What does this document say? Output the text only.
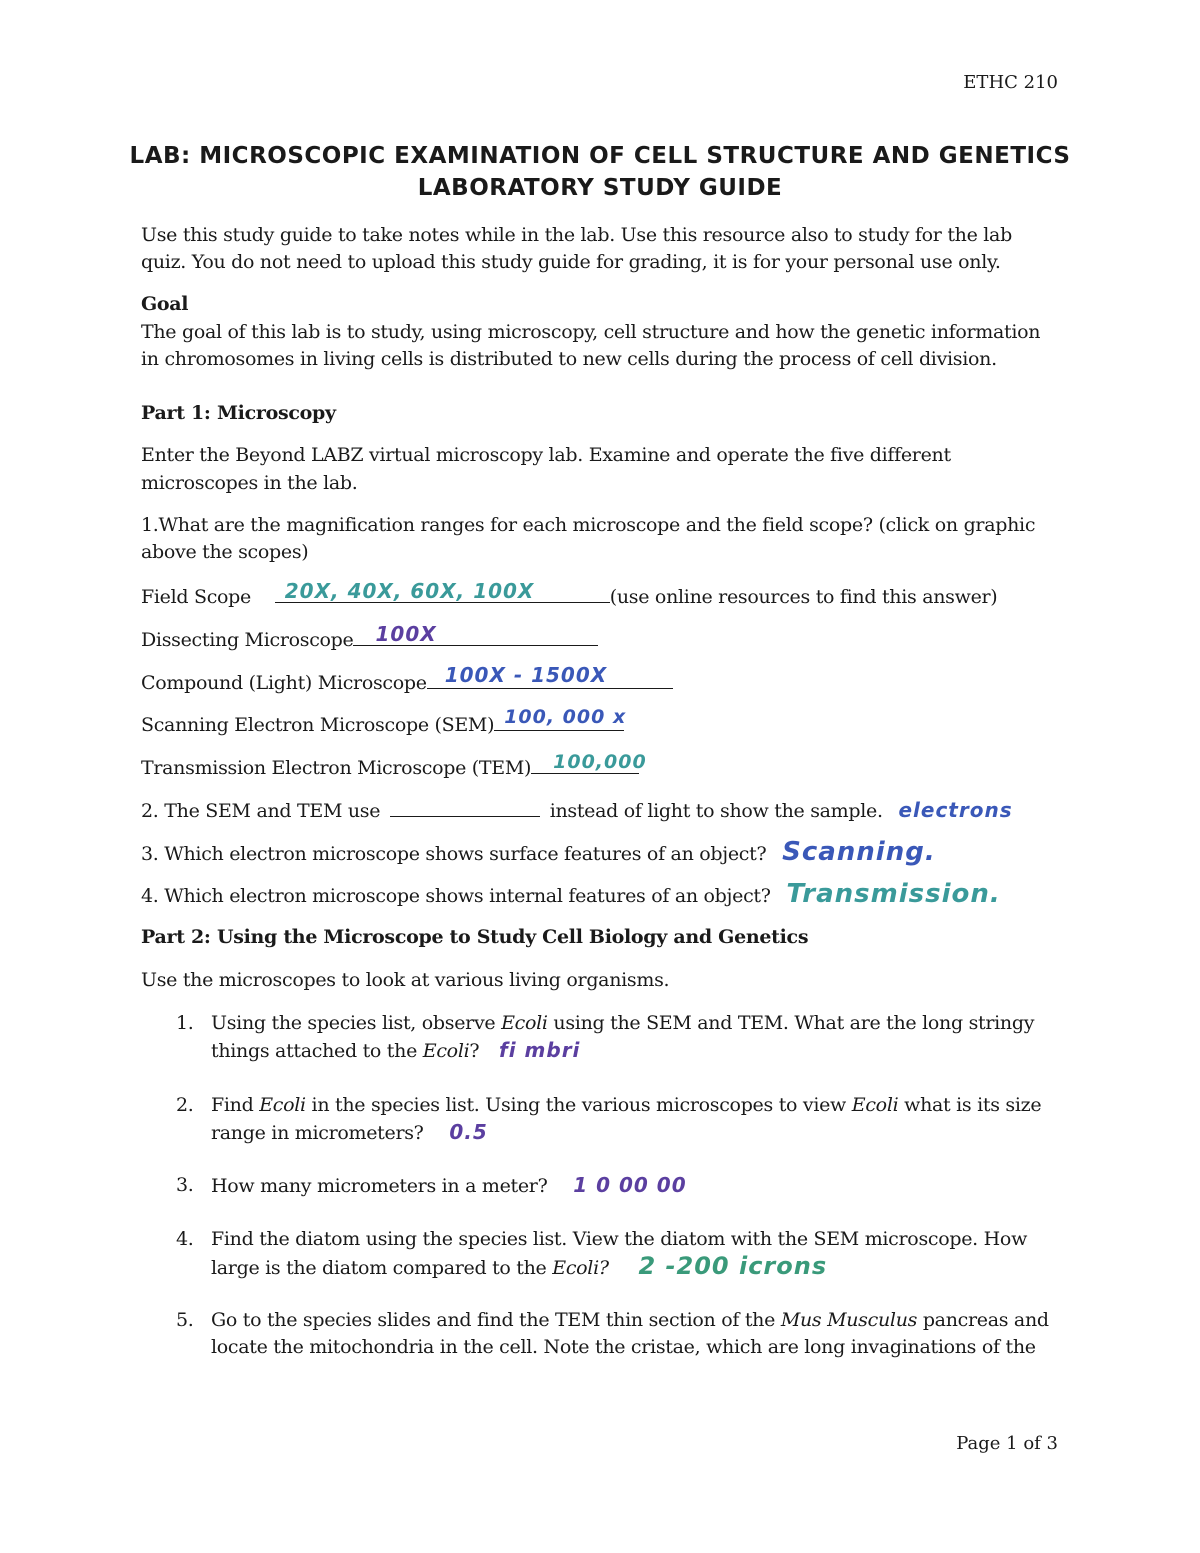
ETHC 210
LAB: MICROSCOPIC EXAMINATION OF CELL STRUCTURE AND GENETICS
LABORATORY STUDY GUIDE
Use this study guide to take notes while in the lab. Use this resource also to study for the lab
quiz. You do not need to upload this study guide for grading, it is for your personal use only.
Goal
The goal of this lab is to study, using microscopy, cell structure and how the genetic information
in chromosomes in living cells is distributed to new cells during the process of cell division.
Part 1: Microscopy
Enter the Beyond LABZ virtual microscopy lab. Examine and operate the five different
microscopes in the lab.
1.What are the magnification ranges for each microscope and the field scope? (click on graphic
above the scopes)
Field Scope 20X, 40X, 60X, 100X	(use online resources to find this answer)
Dissecting Microscope 100X
Compound (Light) Microscope 100X - 1500X
Scanning Electron Microscope (SEM) 100, 000 x
Transmission Electron Microscope (TEM) 100,000
2. The SEM and TEM use	instead of light to show the sample. electrons
3. Which electron microscope shows surface features of an object? Scanning.
4. Which electron microscope shows internal features of an object? Transmission.
Part 2: Using the Microscope to Study Cell Biology and Genetics
Use the microscopes to look at various living organisms.
1. Using the species list, observe Ecoli using the SEM and TEM. What are the long stringy
things attached to the Ecoli? fi mbri
2. Find Ecoli in the species list. Using the various microscopes to view Ecoli what is its size
range in micrometers? 0.5
3. How many micrometers in a meter? 1 0 00 00
4. Find the diatom using the species list. View the diatom with the SEM microscope. How
large is the diatom compared to the Ecoli? 2 -200 icrons
5. Go to the species slides and find the TEM thin section of the Mus Musculus pancreas and
locate the mitochondria in the cell. Note the cristae, which are long invaginations of the
Page 1 of 3
